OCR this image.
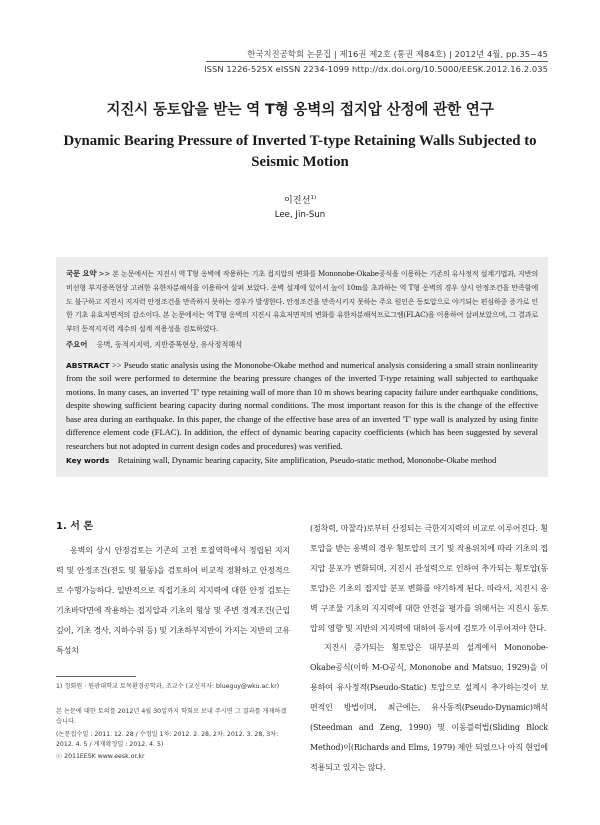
한국지진공학회 논문집 | 제16권 제2호 (통권 제84호) | 2012년 4월, pp.35~45
ISSN 1226-525X eISSN 2234-1099 http://dx.doi.org/10.5000/EESK.2012.16.2.035
지진시 동토압을 받는 역 T형 옹벽의 접지압 산정에 관한 연구
Dynamic Bearing Pressure of Inverted T-type Retaining Walls Subjected to Seismic Motion
이진선$^{1)}$
Lee, Jin-Sun
국문 요약 >> 본 논문에서는 지진시 역 T형 옹벽에 작용하는 기초 접지압의 변화를 Mononobe-Okabe공식을 이용하는 기존의 유사정적 설계기법과, 지반의 비선형 부지증폭현상 고려한 유한차분해석을 이용하여 살펴 보았다. 옹벽 설계에 있어서 높이 10m를 초과하는 역 T형 옹벽의 경우 상시 안정조건을 만족함에도 불구하고 지진시 지지력 안정조건을 만족하지 못하는 경우가 발생한다. 안정조건을 만족시키지 못하는 주요 원인은 동토압으로 야기되는 편심하중 증가로 인한 기초 유효저면적의 감소이다. 본 논문에서는 역 T형 옹벽의 지진시 유효저면적의 변화를 유한차분해석프로그램(FLAC)을 이용하여 살펴보았으며, 그 결과로부터 동적지지력 계수의 설계 적용성을 검토하였다.
주요어 옹벽, 동적지지력, 지반증폭현상, 유사정적해석
ABSTRACT >> Pseudo static analysis using the Mononobe-Okabe method and numerical analysis considering a small strain nonlinearity from the soil were performed to determine the bearing pressure changes of the inverted T-type retaining wall subjected to earthquake motions. In many cases, an inverted 'T' type retaining wall of more than 10 m shows bearing capacity failure under earthquake conditions, despite showing sufficient bearing capacity during normal conditions. The most important reason for this is the change of the effective base area during an earthquake. In this paper, the change of the effective base area of an inverted 'T' type wall is analyzed by using finite difference element code (FLAC). In addition, the effect of dynamic bearing capacity coefficients (which has been suggested by several researchers but not adopted in current design codes and procedures) was verified.
Key words Retaining wall, Dynamic bearing capacity, Site amplification, Pseudo-static method, Mononobe-Okabe method
1. 서 론

옹벽의 상시 안정검토는 기존의 고전 토질역학에서 정립된 지지력 및 안정조건(전도 및 활동)을 검토하여 비교적 정확하고 안정적으로 수행가능하다. 일반적으로 직접기초의 지지력에 대한 안정 검토는 기초바닥면에 작용하는 접지압과 기초의 형상 및 주변 경계조건(근입깊이, 기초 경사, 지하수위 등) 및 기초하부지반이 가지는 지반의 고유특성치

(점착력, 마찰각)로부터 산정되는 극한지지력의 비교로 이루어진다. 횡토압을 받는 옹벽의 경우 횡토압의 크기 및 작용위치에 따라 기초의 접지압 분포가 변화되며, 지진시 관성력으로 인하여 추가되는 횡토압(동토압)은 기초의 접지압 분포 변화를 야기하게 된다. 따라서, 지진시 옹벽 구조물 기초의 지지력에 대한 안전을 평가를 위해서는 지진시 동토압의 영향 및 지반의 지지력에 대하여 동시에 검토가 이루어져야 한다.

지진시 증가되는 횡토압은 대부분의 설계에서 Mononobe-Okabe공식(이하 M-O공식, Mononobe and Matsuo, 1929)을 이용하여 유사정적(Pseudo-Static) 토압으로 설계시 추가하는것이 보편적인 방법이며, 최근에는, 유사동적(Pseudo-Dynamic)해석(Steedman and Zeng, 1990) 및 이동블럭법(Sliding Block Method)이(Richards and Elms, 1979) 제안 되었으나 아직 현업에 적용되고 있지는 않다.

1) 정회원 · 원광대학교 토목환경공학과, 조교수 (교신저자: blueguy@wku.ac.kr)
본 논문에 대한 토의를 2012년 4월 30일까지 학회로 보내 주시면 그 결과를 게재하겠습니다.
(논문접수일 : 2011. 12. 28 / 수정일 1차: 2012. 2. 28, 2차: 2012. 3. 28, 3차: 2012. 4. 5 / 게재확정일 : 2012. 4. 5)
ⓒ 2011EESK www.eesk.or.kr
